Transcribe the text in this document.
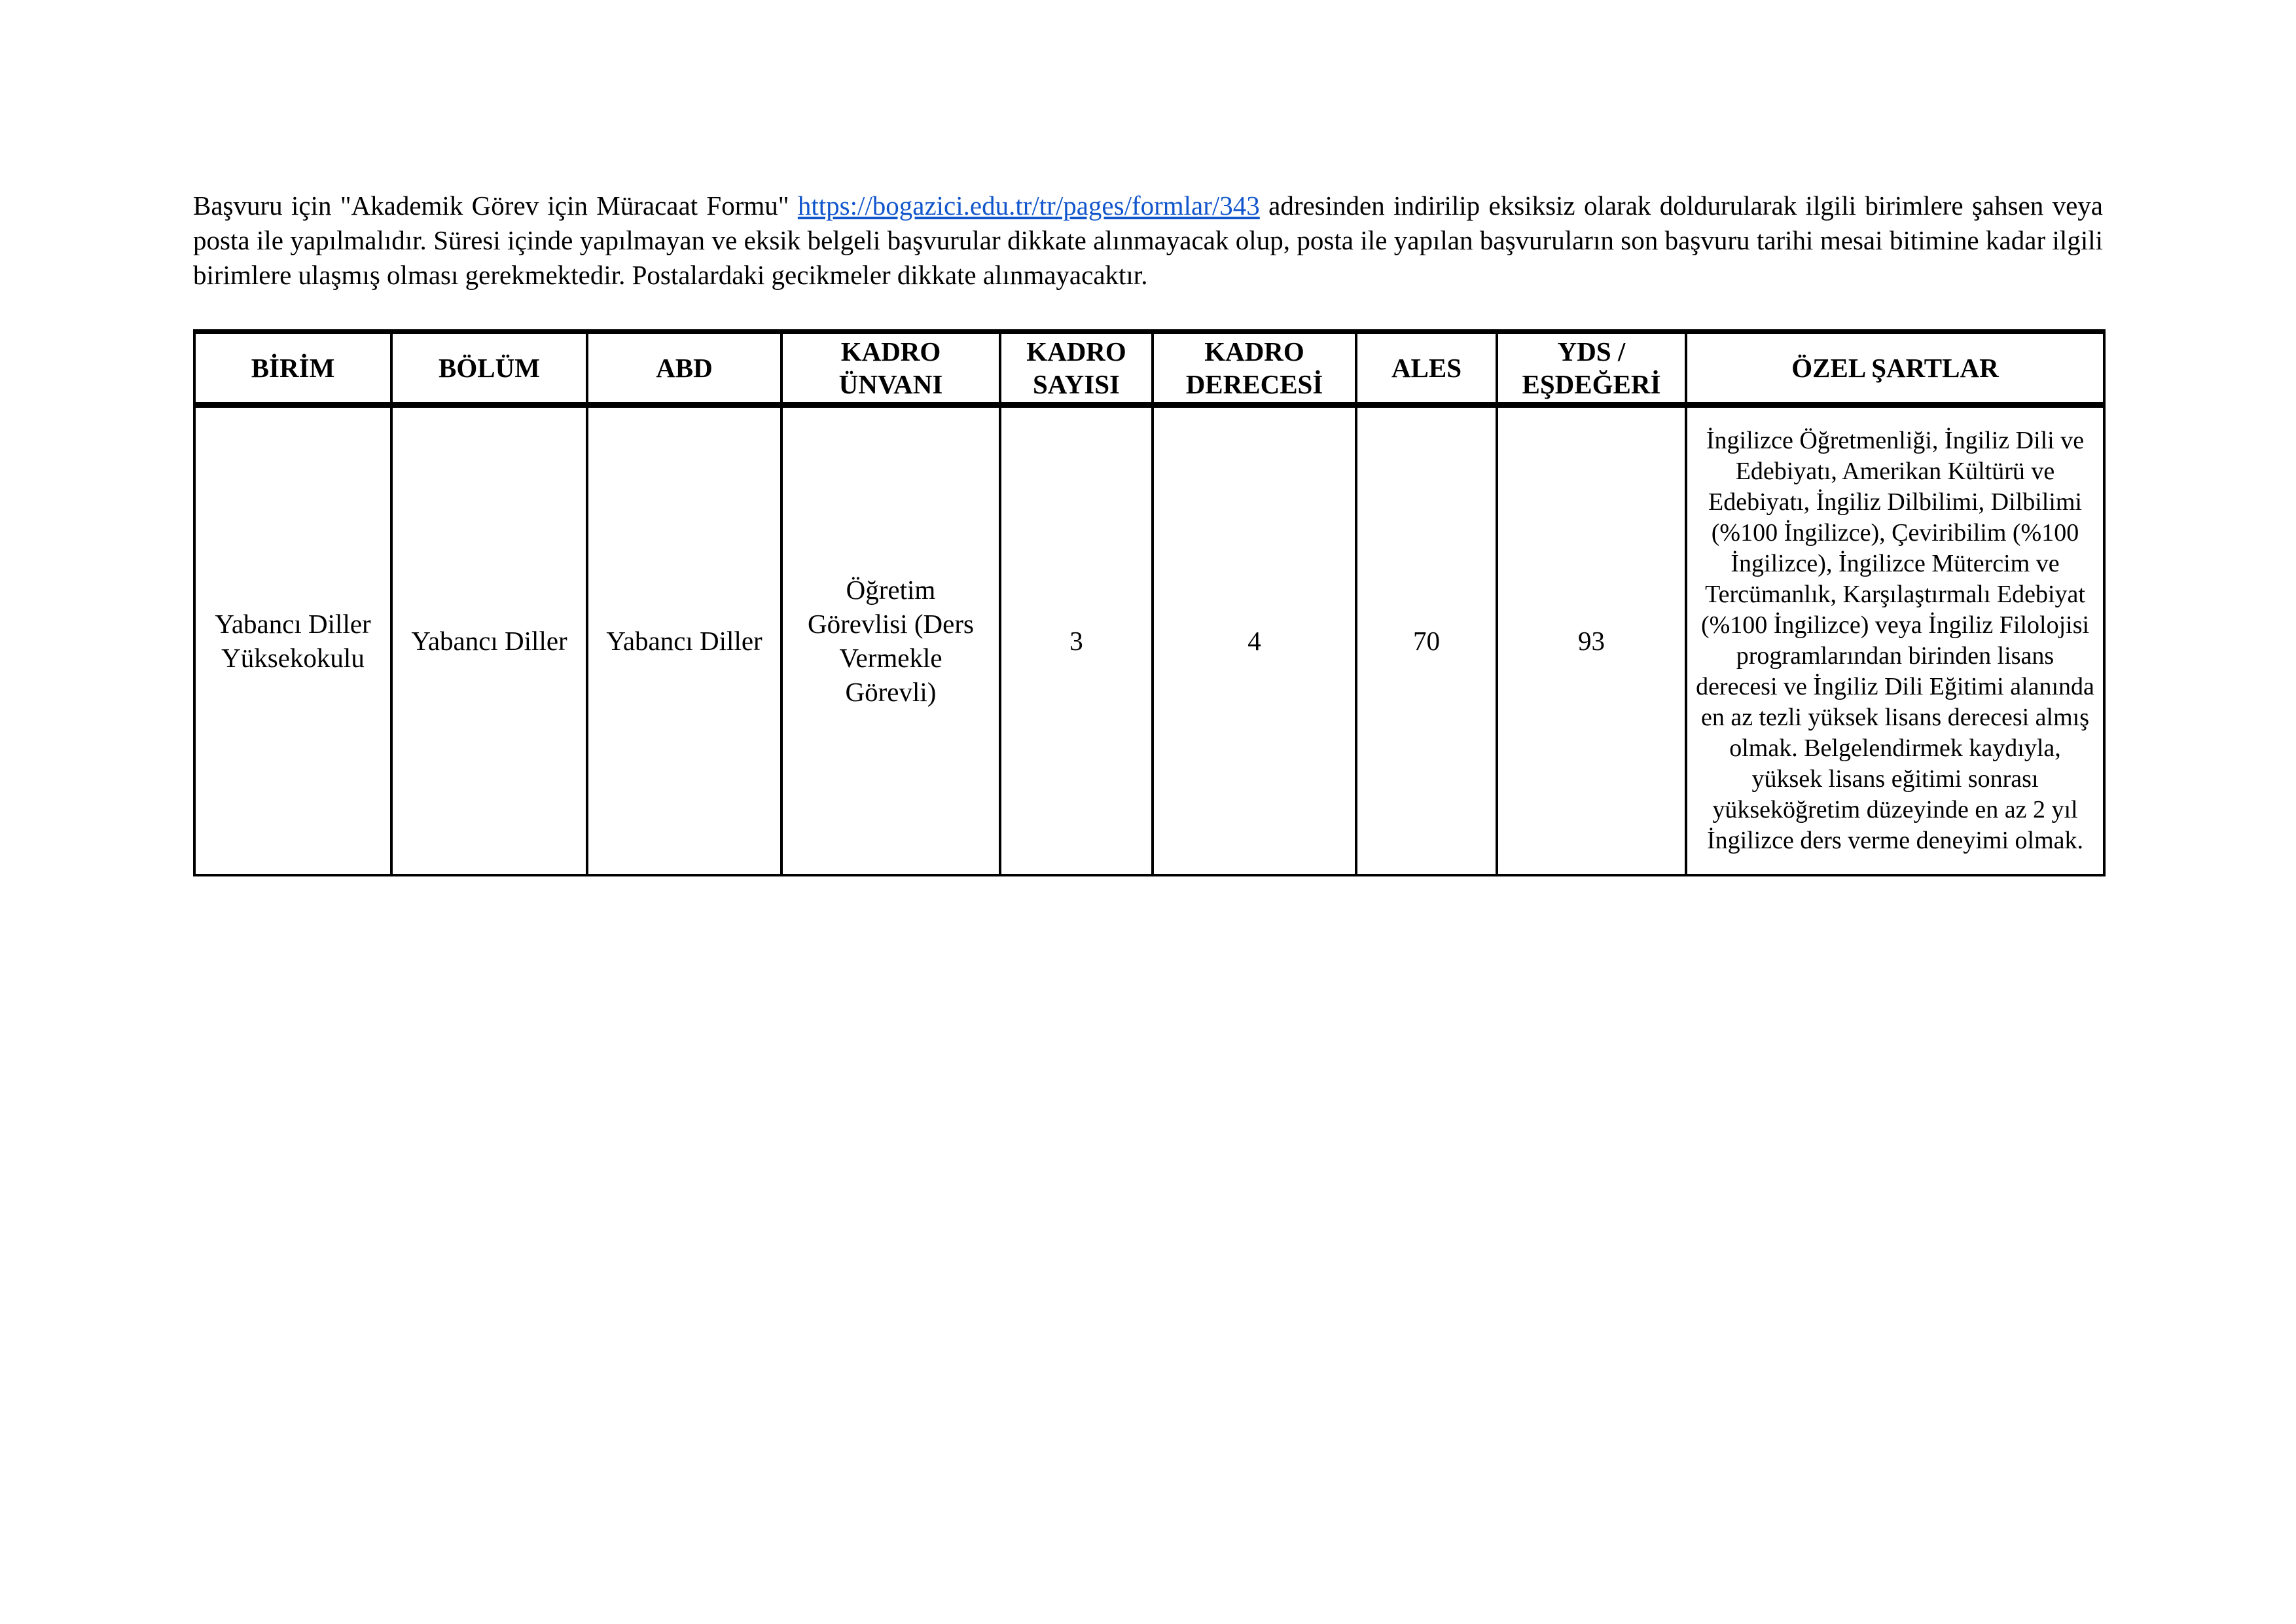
Başvuru için "Akademik Görev için Müracaat Formu" https://bogazici.edu.tr/tr/pages/formlar/343 adresinden indirilip eksiksiz olarak doldurularak ilgili birimlere şahsen veya posta ile yapılmalıdır. Süresi içinde yapılmayan ve eksik belgeli başvurular dikkate alınmayacak olup, posta ile yapılan başvuruların son başvuru tarihi mesai bitimine kadar ilgili birimlere ulaşmış olması gerekmektedir. Postalardaki gecikmeler dikkate alınmayacaktır.

BİRİM	BÖLÜM	ABD	KADRO ÜNVANI	KADRO SAYISI	KADRO DERECESİ	ALES	YDS / EŞDEĞERİ	ÖZEL ŞARTLAR
Yabancı Diller Yüksekokulu	Yabancı Diller	Yabancı Diller	Öğretim Görevlisi (Ders Vermekle Görevli)	3	4	70	93	İngilizce Öğretmenliği, İngiliz Dili ve Edebiyatı, Amerikan Kültürü ve Edebiyatı, İngiliz Dilbilimi, Dilbilimi (%100 İngilizce), Çeviribilim (%100 İngilizce), İngilizce Mütercim ve Tercümanlık, Karşılaştırmalı Edebiyat (%100 İngilizce) veya İngiliz Filolojisi programlarından birinden lisans derecesi ve İngiliz Dili Eğitimi alanında en az tezli yüksek lisans derecesi almış olmak. Belgelendirmek kaydıyla, yüksek lisans eğitimi sonrası yükseköğretim düzeyinde en az 2 yıl İngilizce ders verme deneyimi olmak.
